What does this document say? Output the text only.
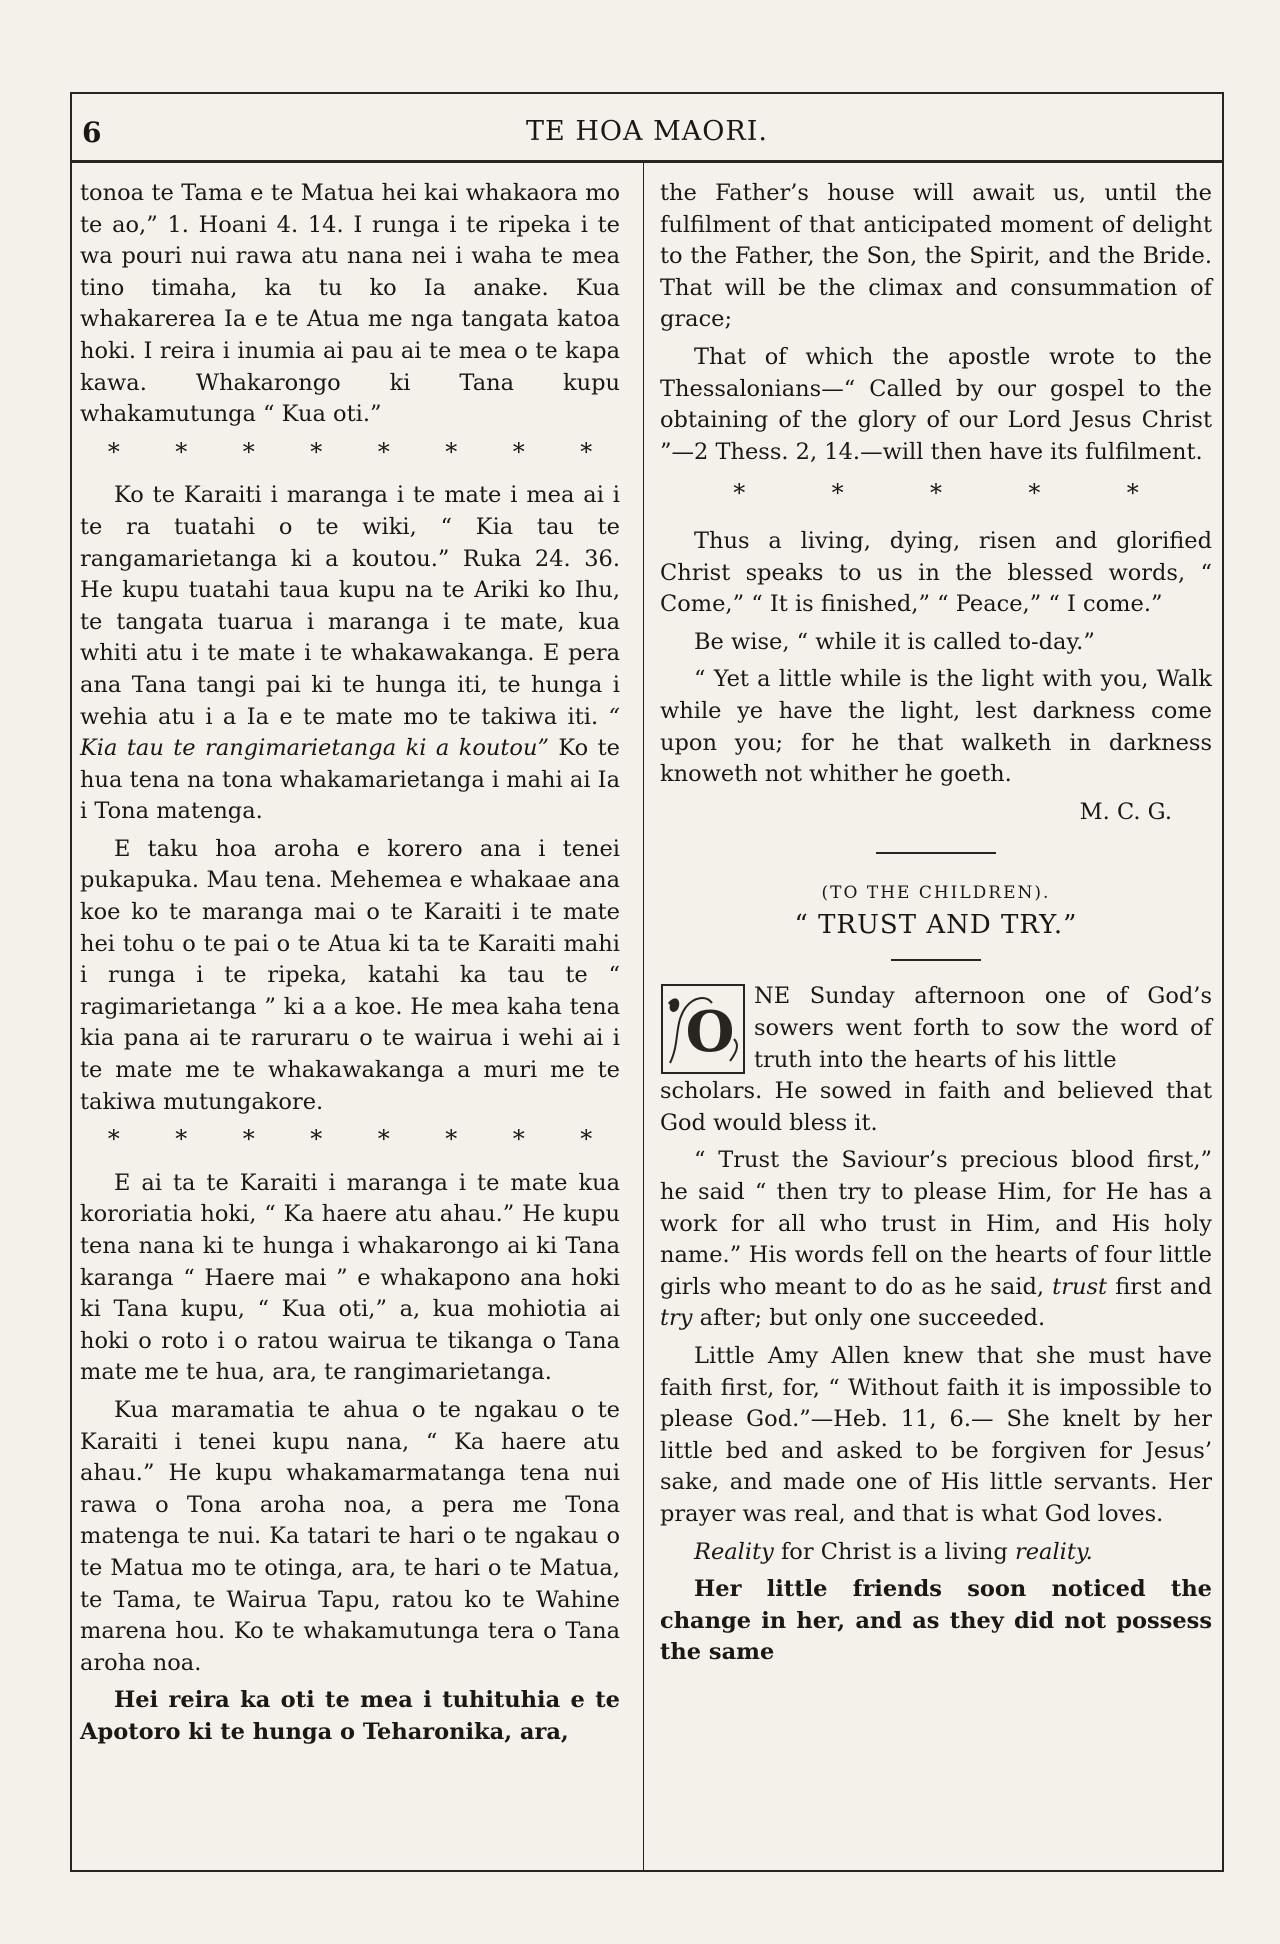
6	TE HOA MAORI.

tonoa te Tama e te Matua hei kai whakaora mo te ao,” 1. Hoani 4. 14. I runga i te ripeka i te wa pouri nui rawa atu nana nei i waha te mea tino timaha, ka tu ko Ia anake. Kua whakarerea Ia e te Atua me nga tangata katoa hoki. I reira i inumia ai pau ai te mea o te kapa kawa. Whakarongo ki Tana kupu whakamutunga “ Kua oti.”

* * * * * * * *

Ko te Karaiti i maranga i te mate i mea ai i te ra tuatahi o te wiki, “ Kia tau te rangamarietanga ki a koutou.” Ruka 24. 36. He kupu tuatahi taua kupu na te Ariki ko Ihu, te tangata tuarua i maranga i te mate, kua whiti atu i te mate i te whakawakanga. E pera ana Tana tangi pai ki te hunga iti, te hunga i wehia atu i a Ia e te mate mo te takiwa iti. “ Kia tau te rangimarietanga ki a koutou” Ko te hua tena na tona whakamarietanga i mahi ai Ia i Tona matenga.

E taku hoa aroha e korero ana i tenei pukapuka. Mau tena. Mehemea e whakaae ana koe ko te maranga mai o te Karaiti i te mate hei tohu o te pai o te Atua ki ta te Karaiti mahi i runga i te ripeka, katahi ka tau te “ ragimarietanga ” ki a a koe. He mea kaha tena kia pana ai te raruraru o te wairua i wehi ai i te mate me te whakawakanga a muri me te takiwa mutungakore.

* * * * * * * *

E ai ta te Karaiti i maranga i te mate kua kororiatia hoki, “ Ka haere atu ahau.” He kupu tena nana ki te hunga i whakarongo ai ki Tana karanga “ Haere mai ” e whakapono ana hoki ki Tana kupu, “ Kua oti,” a, kua mohiotia ai hoki o roto i o ratou wairua te tikanga o Tana mate me te hua, ara, te rangimarietanga.

Kua maramatia te ahua o te ngakau o te Karaiti i tenei kupu nana, “ Ka haere atu ahau.” He kupu whakamarmatanga tena nui rawa o Tona aroha noa, a pera me Tona matenga te nui. Ka tatari te hari o te ngakau o te Matua mo te otinga, ara, te hari o te Matua, te Tama, te Wairua Tapu, ratou ko te Wahine marena hou. Ko te whakamutunga tera o Tana aroha noa.

Hei reira ka oti te mea i tuhituhia e te Apotoro ki te hunga o Teharonika, ara,

the Father’s house will await us, until the fulfilment of that anticipated moment of delight to the Father, the Son, the Spirit, and the Bride. That will be the climax and consummation of grace;

That of which the apostle wrote to the Thessalonians—“ Called by our gospel to the obtaining of the glory of our Lord Jesus Christ ”—2 Thess. 2, 14.—will then have its fulfilment.

*	*	*	*	*

Thus a living, dying, risen and glorified Christ speaks to us in the blessed words, “ Come,” “ It is finished,” “ Peace,” “ I come.”

Be wise, “ while it is called to-day.”

“ Yet a little while is the light with you, Walk while ye have the light, lest darkness come upon you; for he that walketh in darkness knoweth not whither he goeth.

M. C. G.

(TO THE CHILDREN).
“ TRUST AND TRY.”
O

NE Sunday afternoon one of God’s sowers went forth to sow the word of truth into the hearts of his little

scholars. He sowed in faith and believed that God would bless it.

“ Trust the Saviour’s precious blood first,” he said “ then try to please Him, for He has a work for all who trust in Him, and His holy name.” His words fell on the hearts of four little girls who meant to do as he said, trust first and try after; but only one succeeded.

Little Amy Allen knew that she must have faith first, for, “ Without faith it is impossible to please God.”—Heb. 11, 6.— She knelt by her little bed and asked to be forgiven for Jesus’ sake, and made one of His little servants. Her prayer was real, and that is what God loves.

Reality for Christ is a living reality.

Her little friends soon noticed the change in her, and as they did not possess the same
